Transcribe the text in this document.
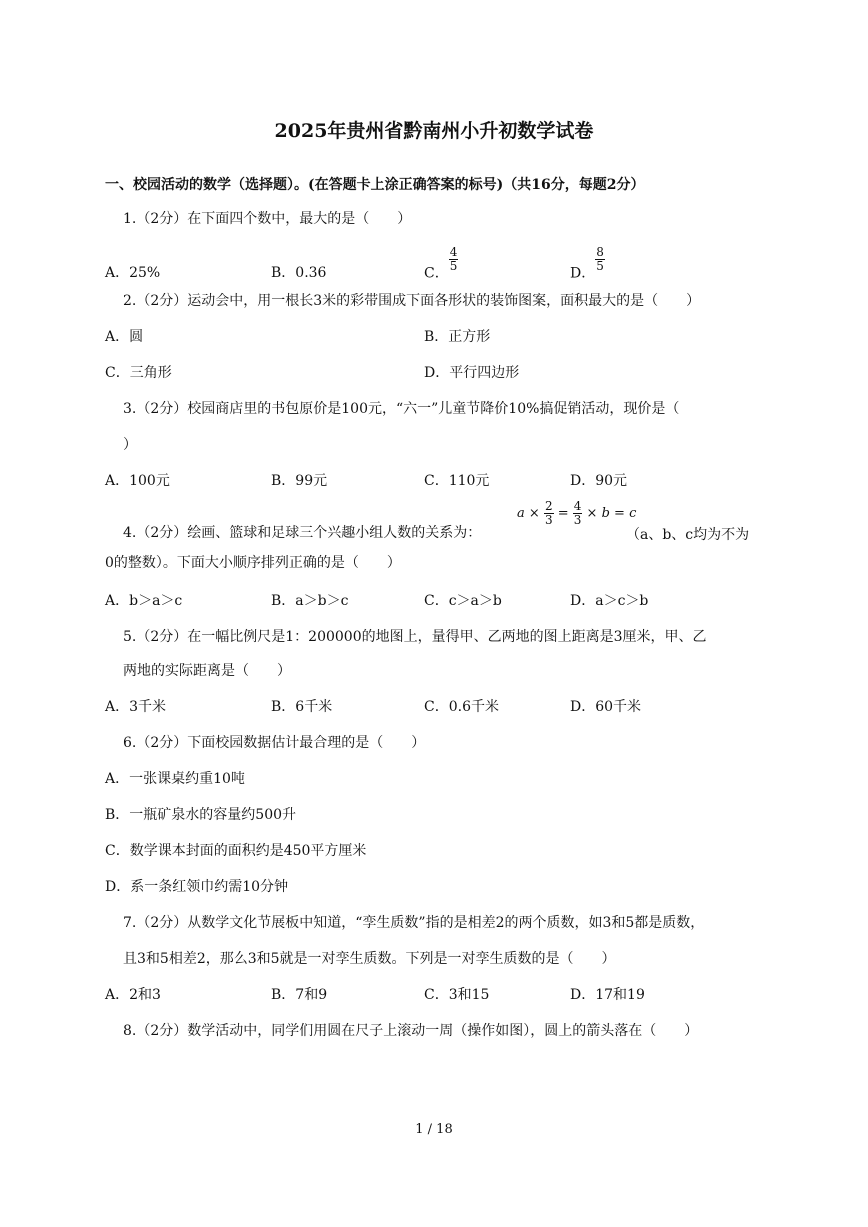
2025年贵州省黔南州小升初数学试卷
一、校园活动的数学（选择题）。(在答题卡上涂正确答案的标号)（共16分，每题2分）
1.（2分）在下面四个数中，最大的是（　　）
A．25%	B．0.36	C．
$\frac{4}{5}$
D．
$\frac{8}{5}$
2.（2分）运动会中，用一根长3米的彩带围成下面各形状的装饰图案，面积最大的是（　　）
A．圆	B．正方形
C．三角形	D．平行四边形
3.（2分）校园商店里的书包原价是100元，“六一”儿童节降价10%搞促销活动，现价是（
）
A．100元	B．99元	C．110元	D．90元
4.（2分）绘画、篮球和足球三个兴趣小组人数的关系为：
$a \times \frac{2}{3} = \frac{4}{3} \times b = c$
（a、b、c均为不为
0的整数）。下面大小顺序排列正确的是（　　）
A．b＞a＞c	B．a＞b＞c	C．c＞a＞b	D．a＞c＞b
5.（2分）在一幅比例尺是1：200000的地图上，量得甲、乙两地的图上距离是3厘米，甲、乙
两地的实际距离是（　　）
A．3千米	B．6千米	C．0.6千米	D．60千米
6.（2分）下面校园数据估计最合理的是（　　）
A．一张课桌约重10吨
B．一瓶矿泉水的容量约500升
C．数学课本封面的面积约是450平方厘米
D．系一条红领巾约需10分钟
7.（2分）从数学文化节展板中知道，“孪生质数”指的是相差2的两个质数，如3和5都是质数，
且3和5相差2，那么3和5就是一对孪生质数。下列是一对孪生质数的是（　　）
A．2和3	B．7和9	C．3和15	D．17和19
8.（2分）数学活动中，同学们用圆在尺子上滚动一周（操作如图），圆上的箭头落在（　　）
1 / 18
